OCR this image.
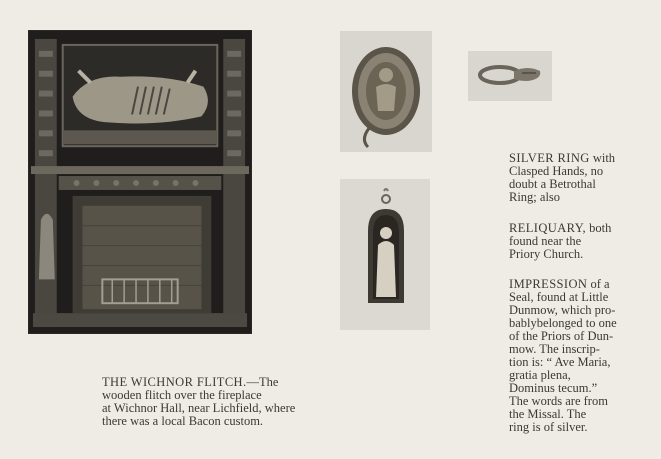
THE WICHNOR FLITCH.—The
wooden flitch over the fireplace
at Wichnor Hall, near Lichfield, where
there was a local Bacon custom.
SILVER RING with
Clasped Hands, no
doubt a Betrothal
Ring; also
RELIQUARY, both
found near the
Priory Church.
IMPRESSION of a
Seal, found at Little
Dunmow, which pro-
bablybelonged to one
of the Priors of Dun-
mow. The inscrip-
tion is: “ Ave Maria,
gratia plena,
Dominus tecum.”
The words are from
the Missal. The
ring is of silver.
